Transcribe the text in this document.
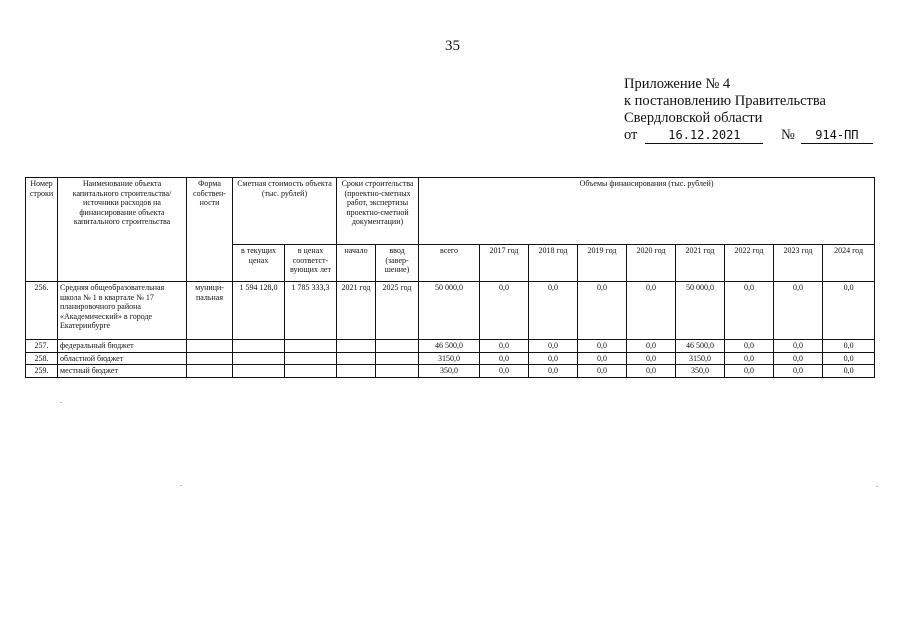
35
Приложение № 4
к постановлению Правительства
Свердловской области
от	16.12.2021	№ 914-ПП
Номер строки	Наименование объекта капитального строительства/ источники расходов на финансирование объекта капитального строительства	Форма собствен-ности	Сметная стоимость объекта (тыс. рублей)		Сроки строительства (проектно-сметных работ, экспертизы проектно-сметной документации)		Объемы финансирования (тыс. рублей)								
			в текущих ценах	в ценах соответст-вующих лет	начало	ввод (завер-шение)	всего	2017 год	2018 год	2019 год	2020 год	2021 год	2022 год	2023 год	2024 год
256.	Средняя общеобразовательная школа № 1 в квартале № 17 планировочного района «Академический» в городе Екатеринбурге	муници-пальная	1 594 128,0	1 785 333,3	2021 год	2025 год	50 000,0	0,0	0,0	0,0	0,0	50 000,0	0,0	0,0	0,0
257.	федеральный бюджет						46 500,0	0,0	0,0	0,0	0,0	46 500,0	0,0	0,0	0,0
258.	областной бюджет						3150,0	0,0	0,0	0,0	0,0	3150,0	0,0	0,0	0,0
259.	местный бюджет						350,0	0,0	0,0	0,0	0,0	350,0	0,0	0,0	0,0
